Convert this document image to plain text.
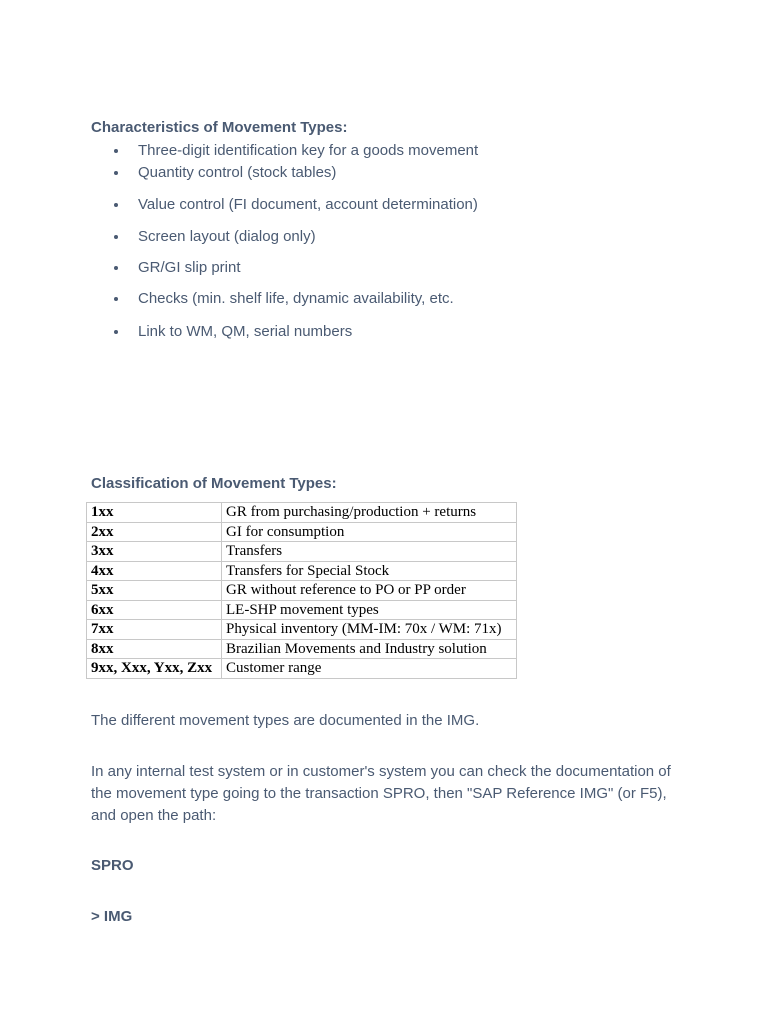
Characteristics of Movement Types:
Three-digit identification key for a goods movement
Quantity control (stock tables)
Value control (FI document, account determination)
Screen layout (dialog only)
GR/GI slip print
Checks (min. shelf life, dynamic availability, etc.
Link to WM, QM, serial numbers
Classification of Movement Types:
1xx	GR from purchasing/production + returns
2xx	GI for consumption
3xx	Transfers
4xx	Transfers for Special Stock
5xx	GR without reference to PO or PP order
6xx	LE-SHP movement types
7xx	Physical inventory (MM-IM: 70x / WM: 71x)
8xx	Brazilian Movements and Industry solution
9xx, Xxx, Yxx, Zxx	Customer range

The different movement types are documented in the IMG.

In any internal test system or in customer's system you can check the documentation of the movement type going to the transaction SPRO, then "SAP Reference IMG" (or F5), and open the path:

SPRO

> IMG
